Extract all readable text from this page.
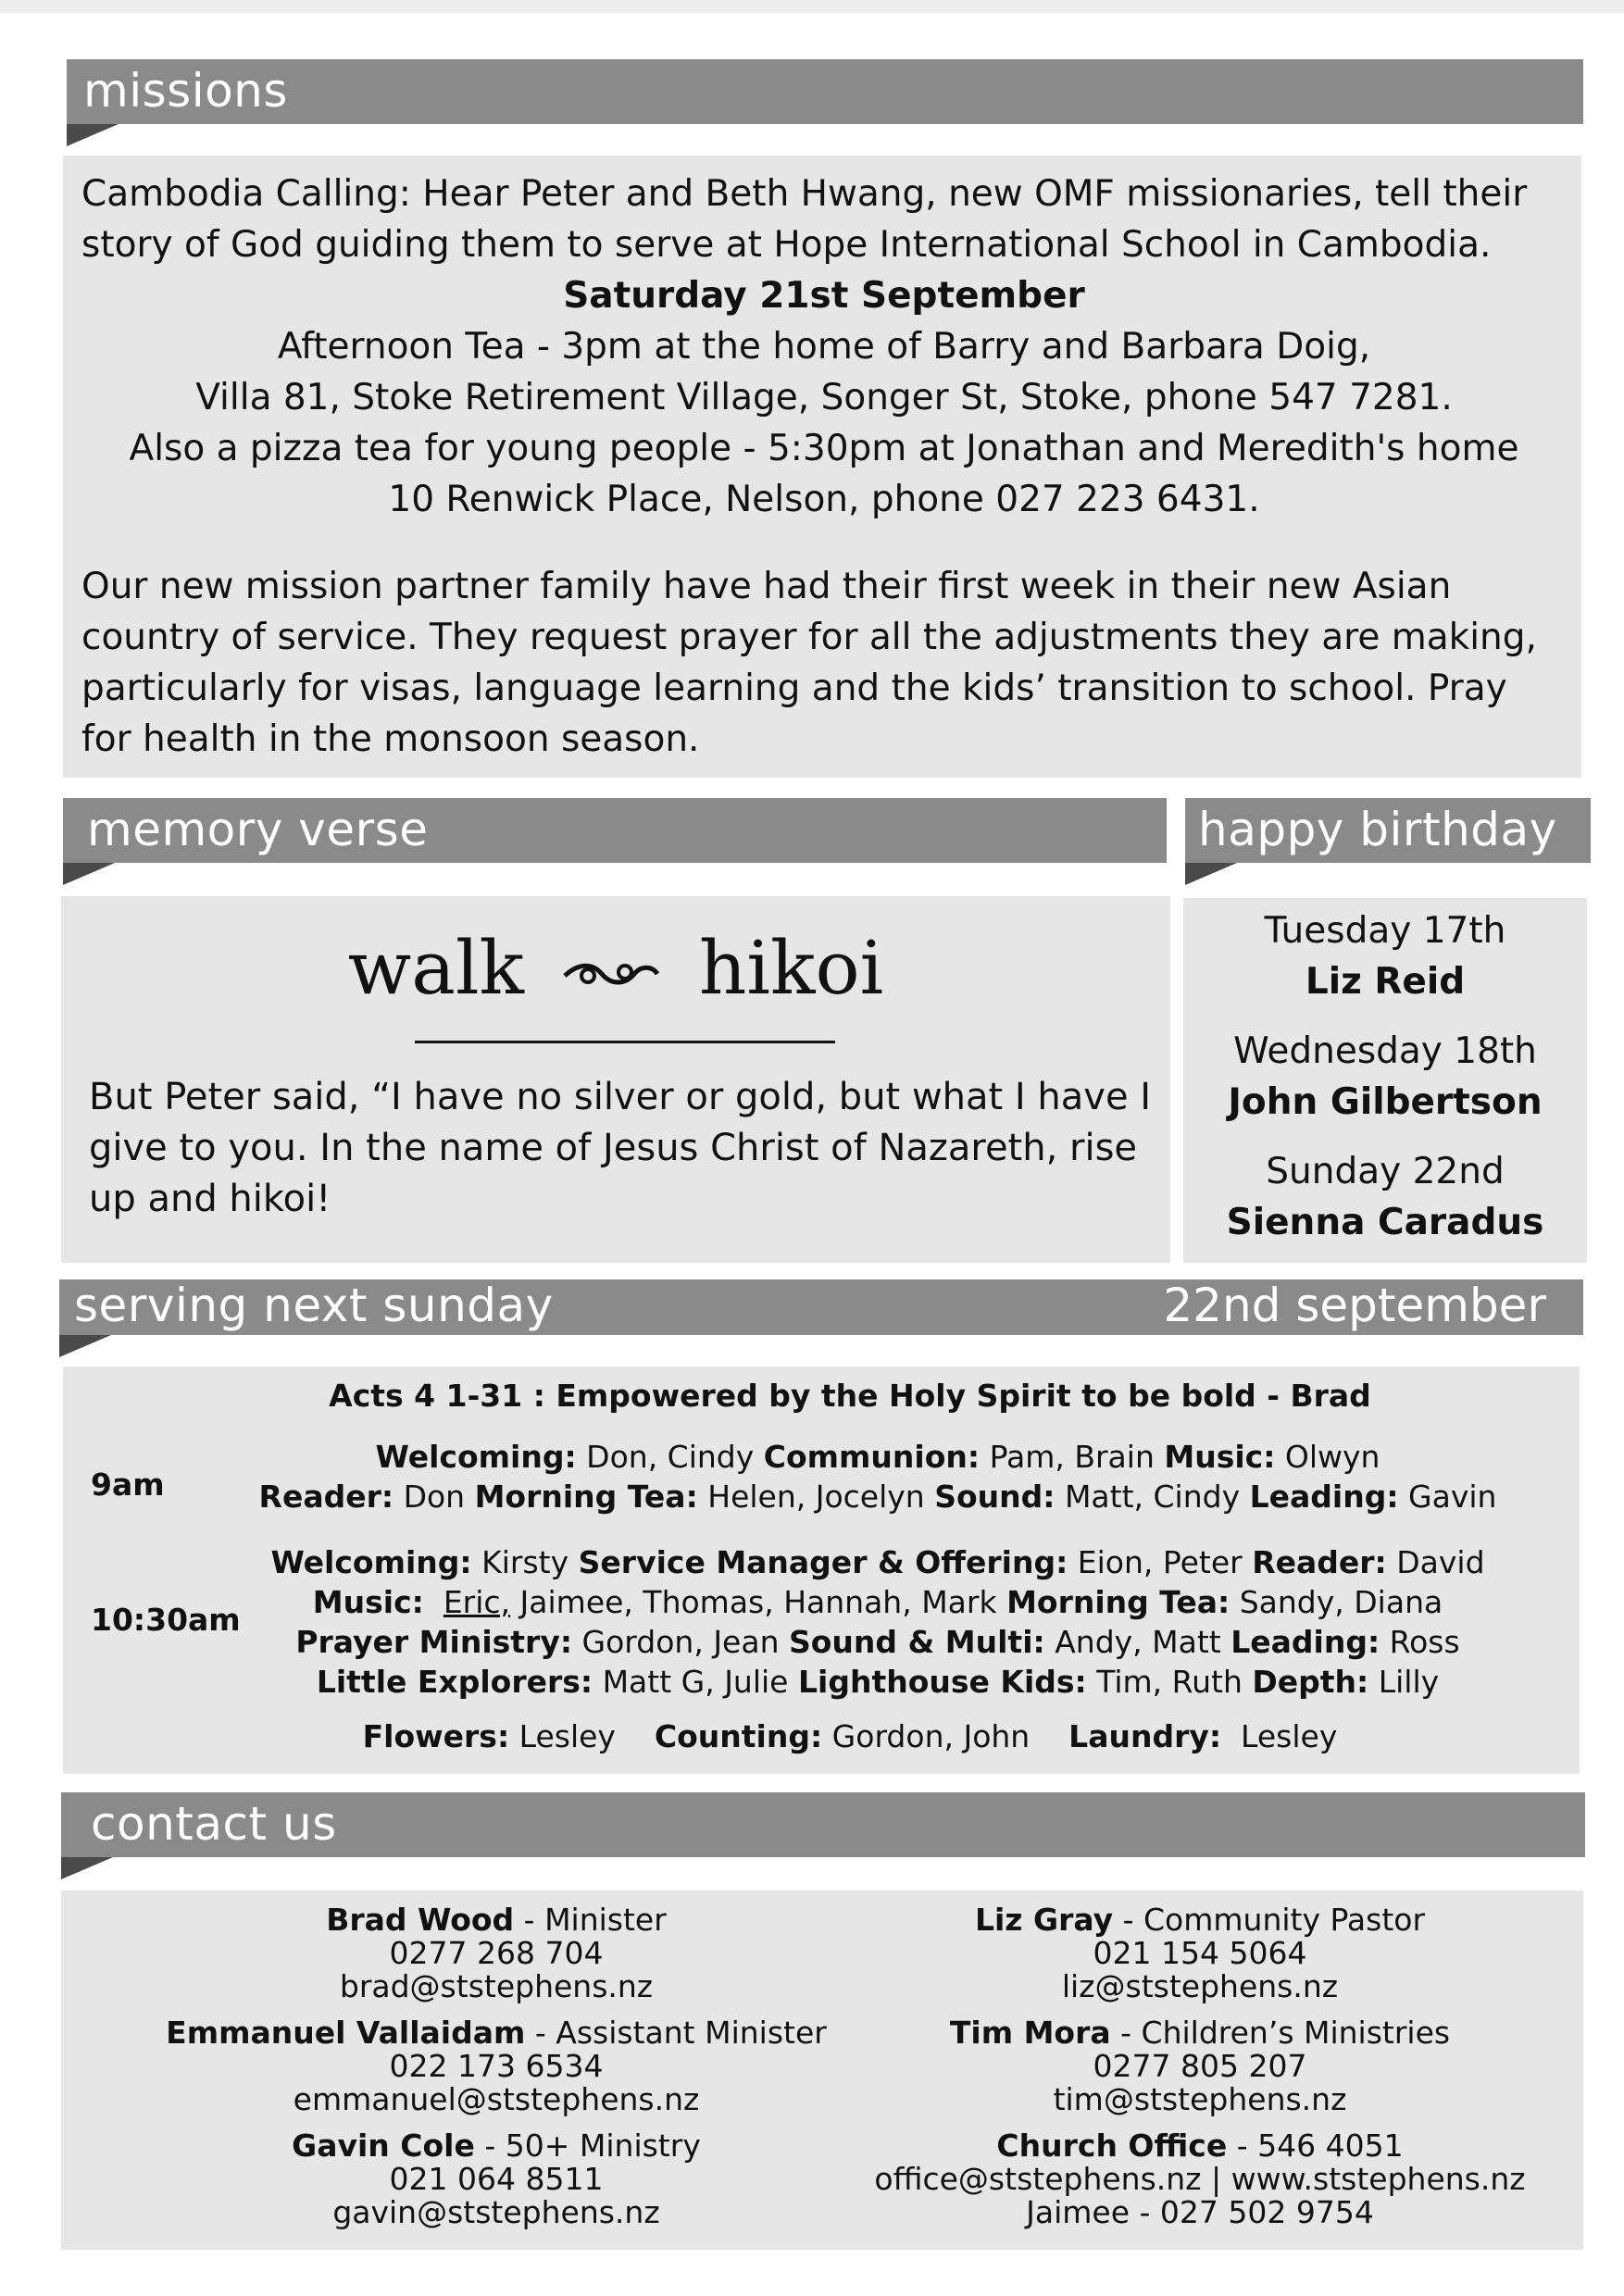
missions

Cambodia Calling: Hear Peter and Beth Hwang, new OMF missionaries, tell their story of God guiding them to serve at Hope International School in Cambodia.

Saturday 21st September

Afternoon Tea - 3pm at the home of Barry and Barbara Doig,

Villa 81, Stoke Retirement Village, Songer St, Stoke, phone 547 7281.

Also a pizza tea for young people - 5:30pm at Jonathan and Meredith's home

10 Renwick Place, Nelson, phone 027 223 6431.

Our new mission partner family have had their first week in their new Asian country of service. They request prayer for all the adjustments they are making, particularly for visas, language learning and the kids’ transition to school. Pray for health in the monsoon season.

memory verse
walk hikoi

But Peter said, “I have no silver or gold, but what I have I give to you. In the name of Jesus Christ of Nazareth, rise up and hikoi!

happy birthday

Tuesday 17th

Liz Reid

Wednesday 18th

John Gilbertson

Sunday 22nd

Sienna Caradus

serving next sunday	22nd september

Acts 4 1-31 : Empowered by the Holy Spirit to be bold - Brad

9am

Welcoming: Don, Cindy Communion: Pam, Brain Music: Olwyn

Reader: Don Morning Tea: Helen, Jocelyn Sound: Matt, Cindy Leading: Gavin

10:30am

Welcoming: Kirsty Service Manager & Offering: Eion, Peter Reader: David

Music: Eric, Jaimee, Thomas, Hannah, Mark Morning Tea: Sandy, Diana

Prayer Ministry: Gordon, Jean Sound & Multi: Andy, Matt Leading: Ross

Little Explorers: Matt G, Julie Lighthouse Kids: Tim, Ruth Depth: Lilly

Flowers: Lesley    Counting: Gordon, John    Laundry:  Lesley

contact us

Brad Wood - Minister

0277 268 704

brad@ststephens.nz

Emmanuel Vallaidam - Assistant Minister

022 173 6534

emmanuel@ststephens.nz

Gavin Cole - 50+ Ministry

021 064 8511

gavin@ststephens.nz

Liz Gray - Community Pastor

021 154 5064

liz@ststephens.nz

Tim Mora - Children’s Ministries

0277 805 207

tim@ststephens.nz

Church Office - 546 4051

office@ststephens.nz | www.ststephens.nz

Jaimee - 027 502 9754
